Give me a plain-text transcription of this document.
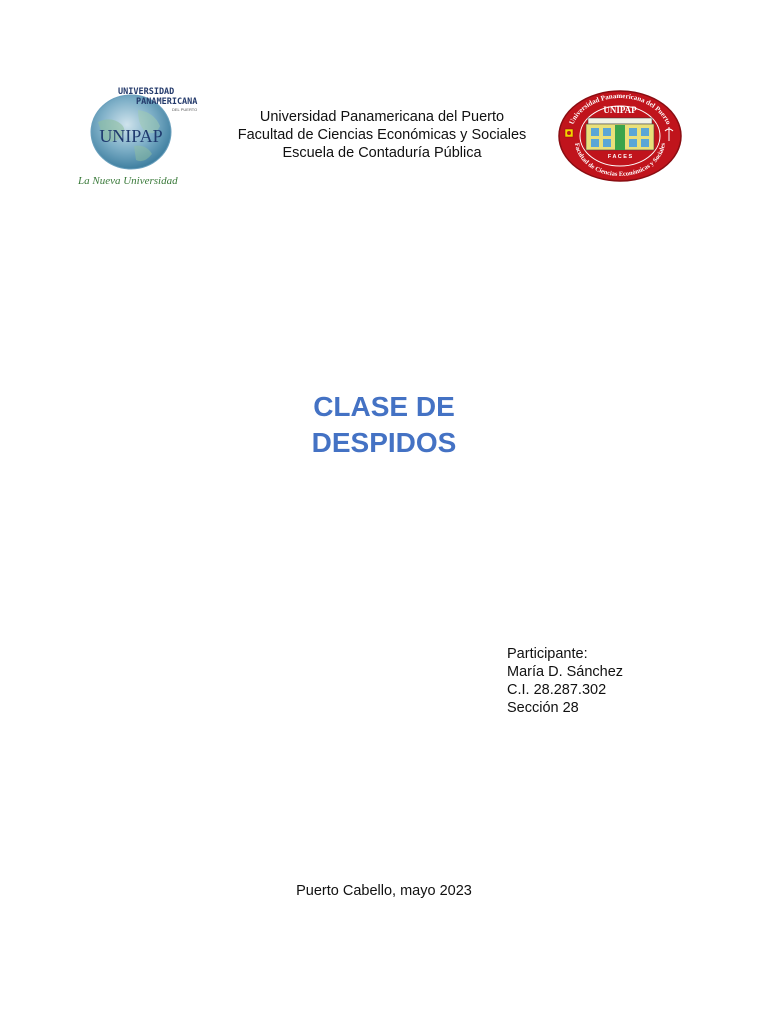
UNIVERSIDAD
PANAMERICANA
DEL PUERTO
UNIPAP
La Nueva Universidad
Universidad Panamericana del Puerto
Facultad de Ciencias Económicas y Sociales
Escuela de Contaduría Pública
Universidad Panamericana del Puerto
Facultad de Ciencias Económicas y Sociales
UNIPAP
F A C E S
CLASE DE
DESPIDOS
Participante:
María D. Sánchez
C.I. 28.287.302
Sección 28
Puerto Cabello, mayo 2023
